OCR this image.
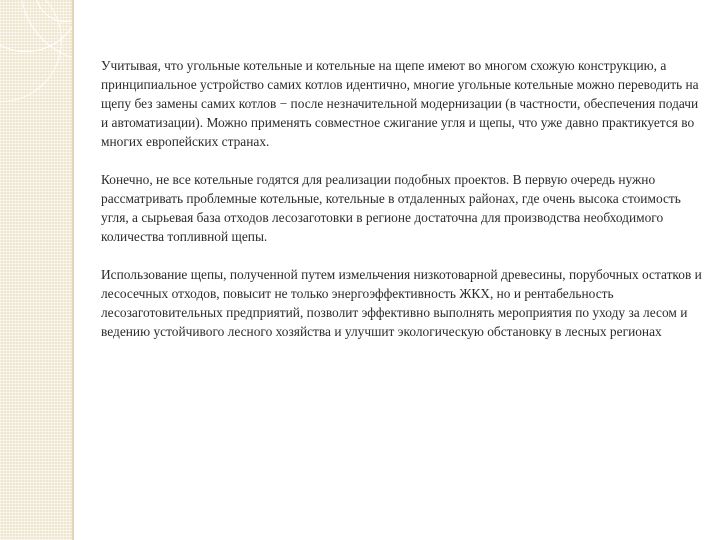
Учитывая, что угольные котельные и котельные на щепе имеют во многом схожую конструкцию, а принципиальное устройство самих котлов идентично, многие угольные котельные можно переводить на щепу без замены самих котлов − после незначительной модернизации (в частности, обеспечения подачи и автоматизации). Можно применять совместное сжигание угля и щепы, что уже давно практикуется во многих европейских странах.

Конечно, не все котельные годятся для реализации подобных проектов. В первую очередь нужно рассматривать проблемные котельные, котельные в отдаленных районах, где очень высока стоимость угля, а сырьевая база отходов лесозаготовки в регионе достаточна для производства необходимого количества топливной щепы.

Использование щепы, полученной путем измельчения низкотоварной древесины, порубочных остатков и лесосечных отходов, повысит не только энергоэффективность ЖКХ, но и рентабельность лесозаготовительных предприятий, позволит эффективно выполнять мероприятия по уходу за лесом и ведению устойчивого лесного хозяйства и улучшит экологическую обстановку в лесных регионах
